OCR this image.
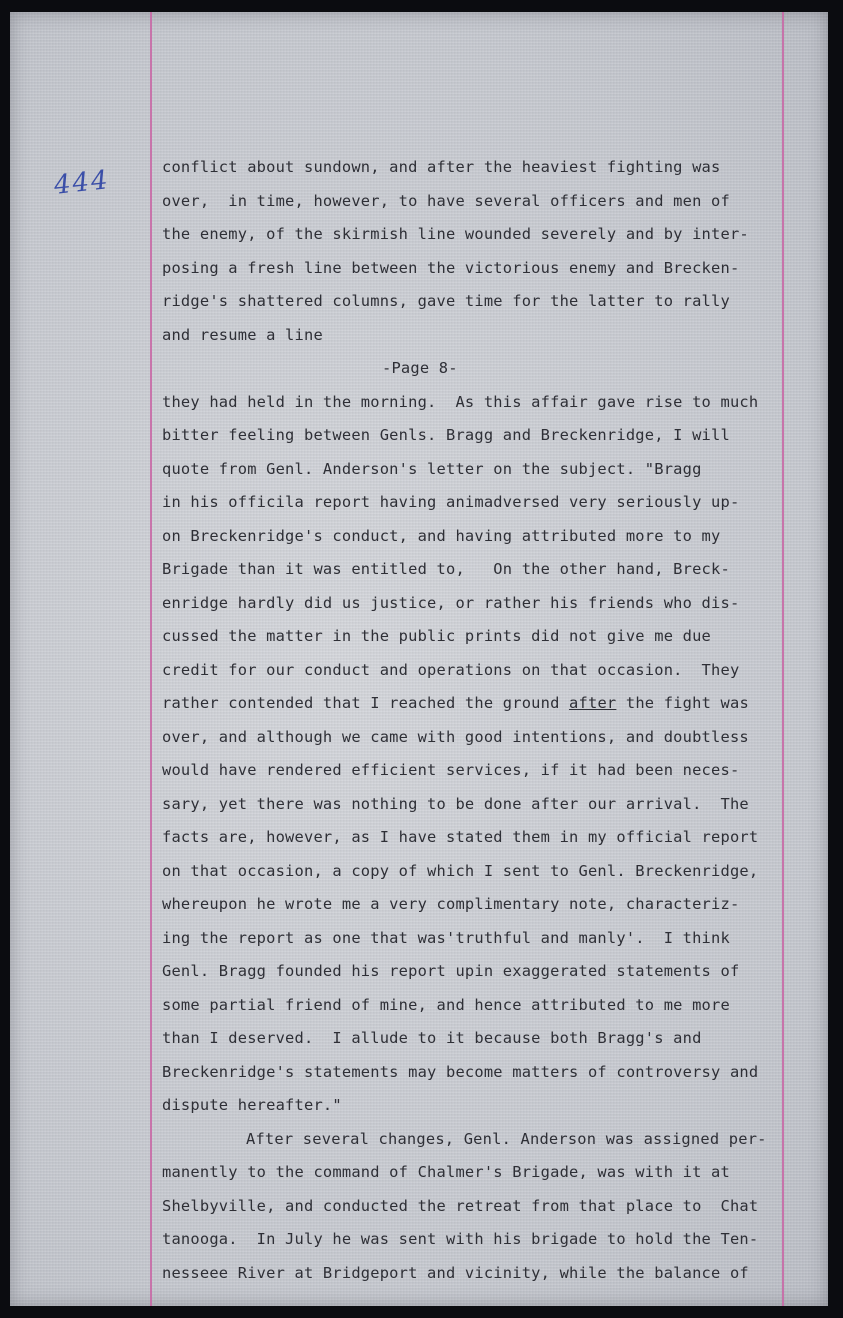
444	conflict about sundown, and after the heaviest fighting was
over,  in time, however, to have several officers and men of
the enemy, of the skirmish line wounded severely and by inter-
posing a fresh line between the victorious enemy and Brecken-
ridge's shattered columns, gave time for the latter to rally
and resume a line
-Page 8-
they had held in the morning.  As this affair gave rise to much
bitter feeling between Genls. Bragg and Breckenridge, I will
quote from Genl. Anderson's letter on the subject. "Bragg
in his officila report having animadversed very seriously up-
on Breckenridge's conduct, and having attributed more to my
Brigade than it was entitled to,   On the other hand, Breck-
enridge hardly did us justice, or rather his friends who dis-
cussed the matter in the public prints did not give me due
credit for our conduct and operations on that occasion.  They
rather contended that I reached the ground after the fight was
over, and although we came with good intentions, and doubtless
would have rendered efficient services, if it had been neces-
sary, yet there was nothing to be done after our arrival.  The
facts are, however, as I have stated them in my official report
on that occasion, a copy of which I sent to Genl. Breckenridge,
whereupon he wrote me a very complimentary note, characteriz-
ing the report as one that was'truthful and manly'.  I think
Genl. Bragg founded his report upin exaggerated statements of
some partial friend of mine, and hence attributed to me more
than I deserved.  I allude to it because both Bragg's and
Breckenridge's statements may become matters of controversy and
dispute hereafter."
After several changes, Genl. Anderson was assigned per-
manently to the command of Chalmer's Brigade, was with it at
Shelbyville, and conducted the retreat from that place to  Chat
tanooga.  In July he was sent with his brigade to hold the Ten-
nesseee River at Bridgeport and vicinity, while the balance of
